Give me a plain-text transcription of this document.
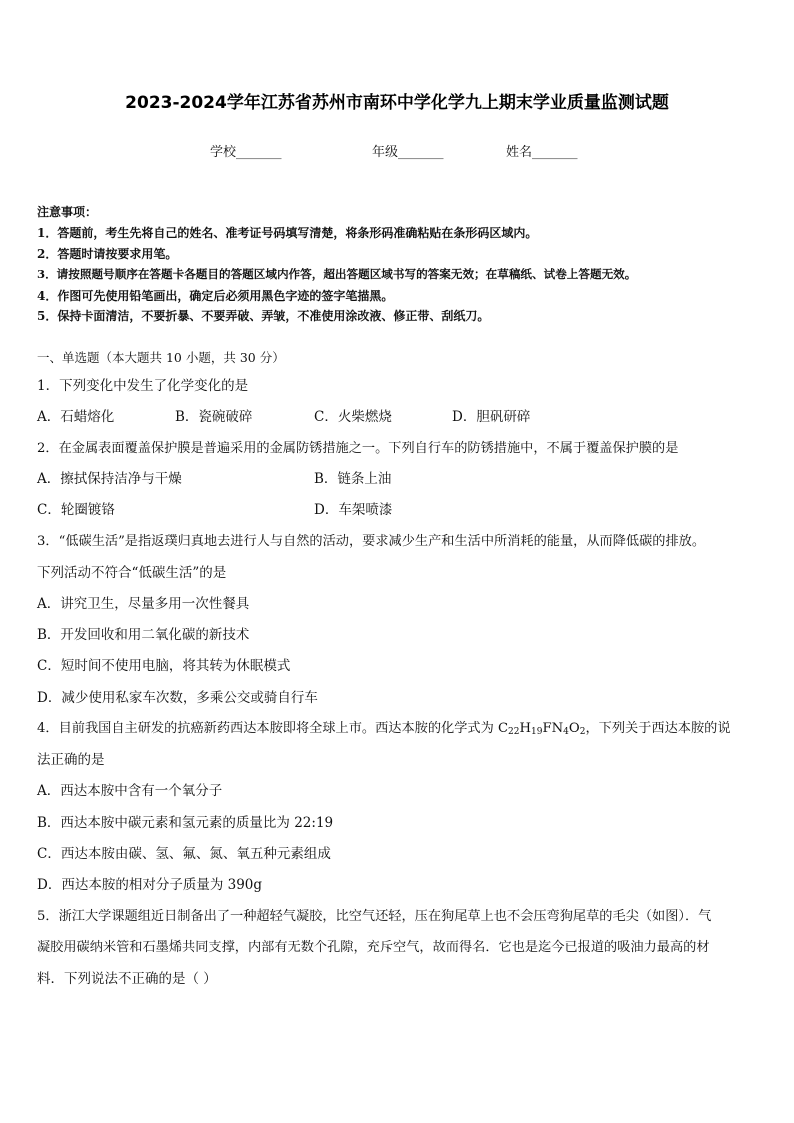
2023-2024学年江苏省苏州市南环中学化学九上期末学业质量监测试题
学校_______	年级_______	姓名_______
注意事项：
1．答题前，考生先将自己的姓名、准考证号码填写清楚，将条形码准确粘贴在条形码区域内。
2．答题时请按要求用笔。
3．请按照题号顺序在答题卡各题目的答题区域内作答，超出答题区域书写的答案无效；在草稿纸、试卷上答题无效。
4．作图可先使用铅笔画出，确定后必须用黑色字迹的签字笔描黑。
5．保持卡面清洁，不要折暴、不要弄破、弄皱，不准使用涂改液、修正带、刮纸刀。
一、单选题（本大题共 10 小题，共 30 分）
1．下列变化中发生了化学变化的是
A．石蜡熔化	B．瓷碗破碎	C．火柴燃烧	D．胆矾研碎
2．在金属表面覆盖保护膜是普遍采用的金属防锈措施之一。下列自行车的防锈措施中，不属于覆盖保护膜的是
A．擦拭保持洁净与干燥	B．链条上油
C．轮圈镀铬	D．车架喷漆
3．“低碳生活”是指返璞归真地去进行人与自然的活动，要求减少生产和生活中所消耗的能量，从而降低碳的排放。
下列活动不符合“低碳生活”的是
A．讲究卫生，尽量多用一次性餐具
B．开发回收和用二氧化碳的新技术
C．短时间不使用电脑，将其转为休眠模式
D．减少使用私家车次数，多乘公交或骑自行车
4．目前我国自主研发的抗癌新药西达本胺即将全球上市。西达本胺的化学式为 $C_{22}H_{19}FN_4O_2$，下列关于西达本胺的说
法正确的是
A．西达本胺中含有一个氧分子
B．西达本胺中碳元素和氢元素的质量比为 22:19
C．西达本胺由碳、氢、氟、氮、氧五种元素组成
D．西达本胺的相对分子质量为 390g
5．浙江大学课题组近日制备出了一种超轻气凝胶，比空气还轻，压在狗尾草上也不会压弯狗尾草的毛尖（如图）．气
凝胶用碳纳米管和石墨烯共同支撑，内部有无数个孔隙，充斥空气，故而得名．它也是迄今已报道的吸油力最高的材
料．下列说法不正确的是（ ）
